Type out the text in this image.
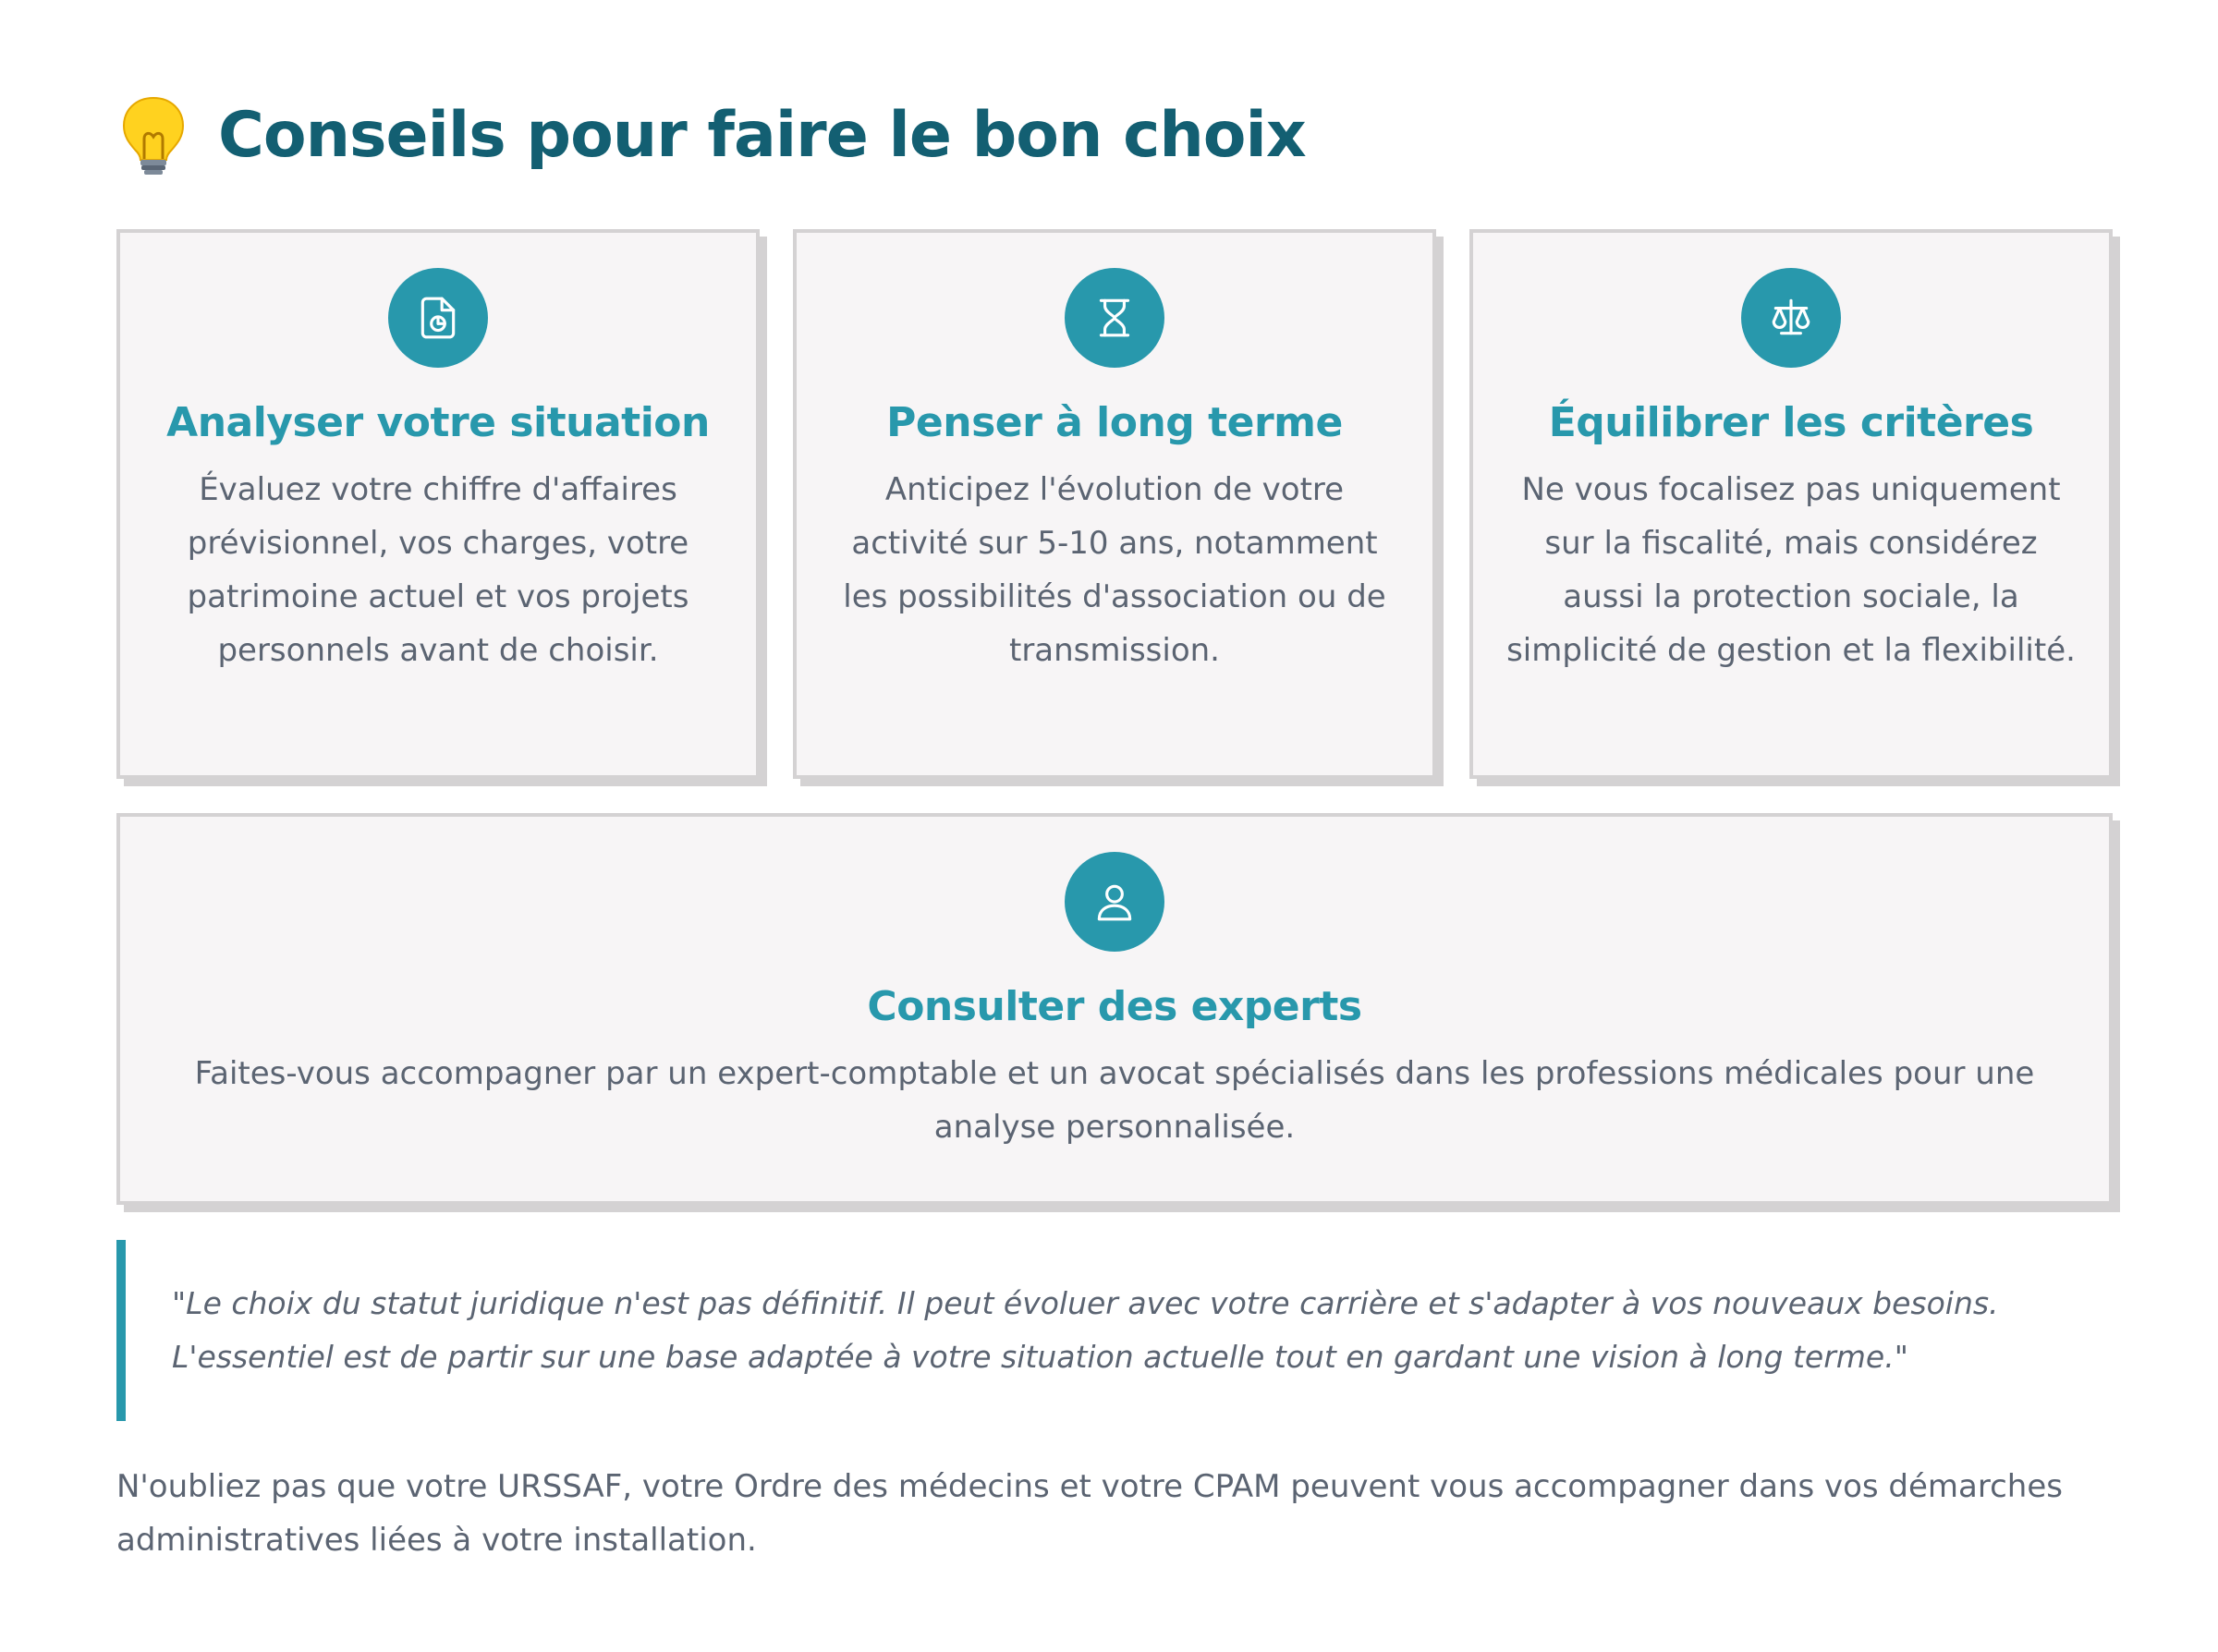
Conseils pour faire le bon choix
Analyser votre situation

Évaluez votre chiffre d'affaires prévisionnel, vos charges, votre patrimoine actuel et vos projets personnels avant de choisir.

Penser à long terme

Anticipez l'évolution de votre activité sur 5-10 ans, notamment les possibilités d'association ou de transmission.

Équilibrer les critères

Ne vous focalisez pas uniquement sur la fiscalité, mais considérez aussi la protection sociale, la simplicité de gestion et la flexibilité.

Consulter des experts

Faites-vous accompagner par un expert-comptable et un avocat spécialisés dans les professions médicales pour une analyse personnalisée.

"Le choix du statut juridique n'est pas définitif. Il peut évoluer avec votre carrière et s'adapter à vos nouveaux besoins. L'essentiel est de partir sur une base adaptée à votre situation actuelle tout en gardant une vision à long terme."

N'oubliez pas que votre URSSAF, votre Ordre des médecins et votre CPAM peuvent vous accompagner dans vos démarches administratives liées à votre installation.
